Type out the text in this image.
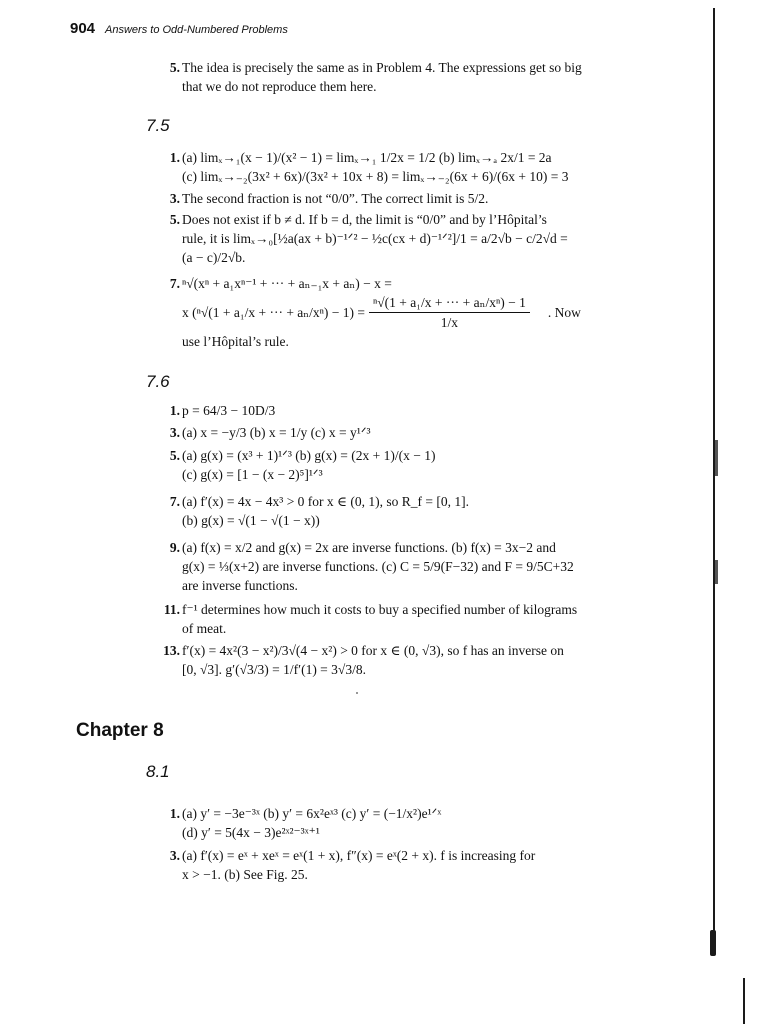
904 Answers to Odd-Numbered Problems
5. The idea is precisely the same as in Problem 4. The expressions get so big
that we do not reproduce them here.
7.5
1. (a) limₓ→₁(x − 1)/(x² − 1) = limₓ→₁ 1/2x = 1/2 (b) limₓ→ₐ 2x/1 = 2a
(c) limₓ→₋₂(3x² + 6x)/(3x² + 10x + 8) = limₓ→₋₂(6x + 6)/(6x + 10) = 3
3. The second fraction is not “0/0”. The correct limit is 5/2.
5. Does not exist if b ≠ d. If b = d, the limit is “0/0” and by l’Hôpital’s
rule, it is limₓ→₀[½a(ax + b)⁻¹ᐟ² − ½c(cx + d)⁻¹ᐟ²]/1 = a/2√b − c/2√d =
(a − c)/2√b.
7. ⁿ√(xⁿ + a₁xⁿ⁻¹ + ··· + aₙ₋₁x + aₙ) − x =
x (ⁿ√(1 + a₁/x + ··· + $a_n/x^n) - 1) = \frac{\text{ⁿ√(1 + a₁/x + ··· + aₙ/xⁿ) − 1}}{1/x}$ . Now
use l’Hôpital’s rule.
7.6
1. p = 64/3 − 10D/3
3. (a) x = −y/3 (b) x = 1/y (c) x = y¹ᐟ³
5. (a) g(x) = (x³ + 1)¹ᐟ³ (b) g(x) = (2x + 1)/(x − 1)
(c) g(x) = [1 − (x − 2)⁵]¹ᐟ³
7. (a) f′(x) = 4x − 4x³ > 0 for x ∈ (0, 1), so R_f = [0, 1].
(b) g(x) = √(1 − √(1 − x))
9. (a) f(x) = x/2 and g(x) = 2x are inverse functions. (b) f(x) = 3x−2 and
g(x) = ⅓(x+2) are inverse functions. (c) C = 5/9(F−32) and F = 9/5C+32
are inverse functions.
11. f⁻¹ determines how much it costs to buy a specified number of kilograms
of meat.
13. f′(x) = 4x²(3 − x²)/3√(4 − x²) > 0 for x ∈ (0, √3), so f has an inverse on
[0, √3]. g′(√3/3) = 1/f′(1) = 3√3/8.
Chapter 8
8.1
1. (a) y′ = −3e⁻³ˣ (b) y′ = 6x²eˣ³ (c) y′ = (−1/x²)e¹ᐟˣ
(d) y′ = 5(4x − 3)e²ˣ²⁻³ˣ⁺¹
3. (a) f′(x) = eˣ + xeˣ = eˣ(1 + x), f″(x) = eˣ(2 + x). f is increasing for
x > −1. (b) See Fig. 25.
